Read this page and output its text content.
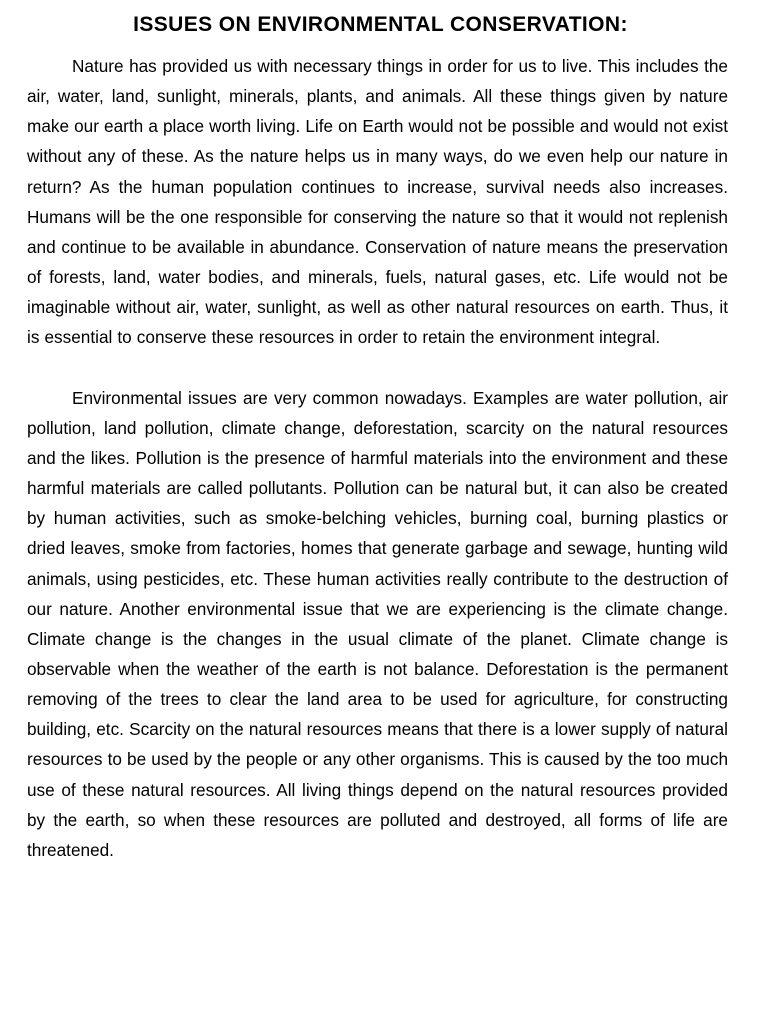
ISSUES ON ENVIRONMENTAL CONSERVATION:

Nature has provided us with necessary things in order for us to live. This includes the air, water, land, sunlight, minerals, plants, and animals. All these things given by nature make our earth a place worth living. Life on Earth would not be possible and would not exist without any of these. As the nature helps us in many ways, do we even help our nature in return? As the human population continues to increase, survival needs also increases. Humans will be the one responsible for conserving the nature so that it would not replenish and continue to be available in abundance. Conservation of nature means the preservation of forests, land, water bodies, and minerals, fuels, natural gases, etc. Life would not be imaginable without air, water, sunlight, as well as other natural resources on earth. Thus, it is essential to conserve these resources in order to retain the environment integral.

Environmental issues are very common nowadays. Examples are water pollution, air pollution, land pollution, climate change, deforestation, scarcity on the natural resources and the likes. Pollution is the presence of harmful materials into the environment and these harmful materials are called pollutants. Pollution can be natural but, it can also be created by human activities, such as smoke-belching vehicles, burning coal, burning plastics or dried leaves, smoke from factories, homes that generate garbage and sewage, hunting wild animals, using pesticides, etc. These human activities really contribute to the destruction of our nature. Another environmental issue that we are experiencing is the climate change. Climate change is the changes in the usual climate of the planet. Climate change is observable when the weather of the earth is not balance. Deforestation is the permanent removing of the trees to clear the land area to be used for agriculture, for constructing building, etc. Scarcity on the natural resources means that there is a lower supply of natural resources to be used by the people or any other organisms. This is caused by the too much use of these natural resources. All living things depend on the natural resources provided by the earth, so when these resources are polluted and destroyed, all forms of life are threatened.
